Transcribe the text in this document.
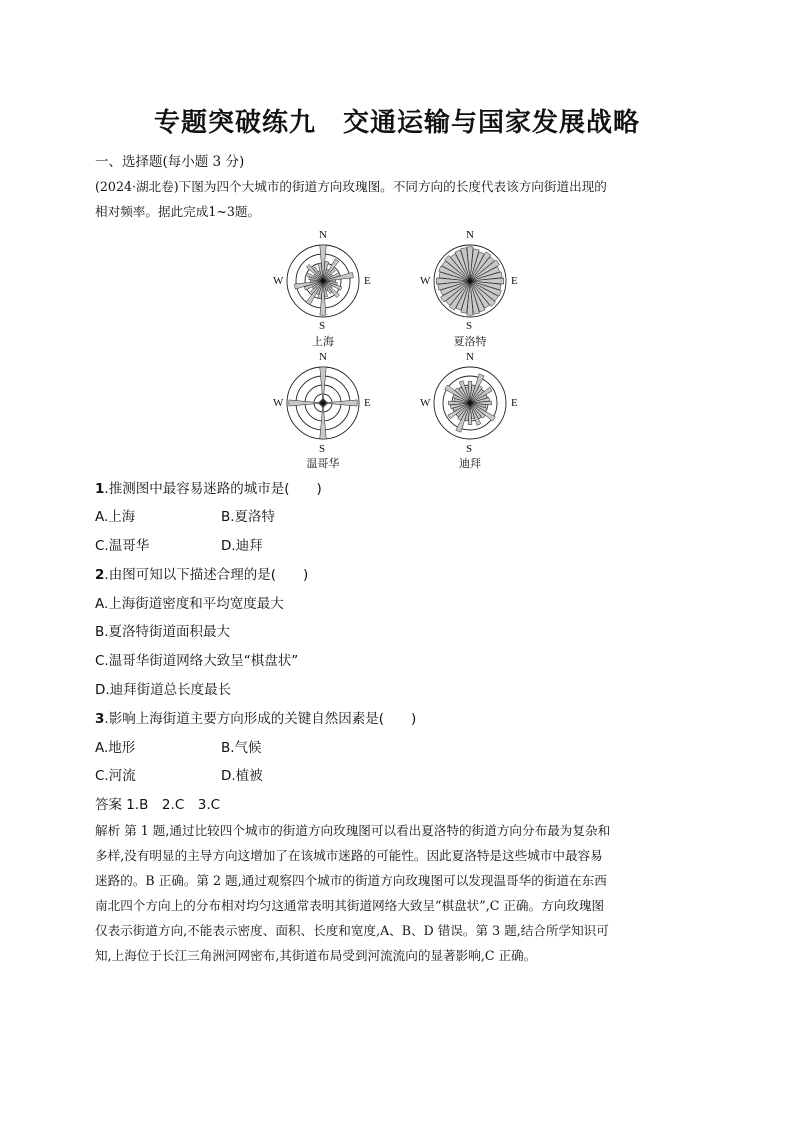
专题突破练九　交通运输与国家发展战略
一、选择题(每小题 3 分)
(2024·湖北卷)下图为四个大城市的街道方向玫瑰图。不同方向的长度代表该方向街道出现的
相对频率。据此完成1~3题。
N
S
W	E
上海
N
S
W	E
夏洛特
N
S
W	E
温哥华
N
S
W	E
迪拜
1.推测图中最容易迷路的城市是(　　)
A.上海	B.夏洛特
C.温哥华	D.迪拜
2.由图可知以下描述合理的是(　　)
A.上海街道密度和平均宽度最大
B.夏洛特街道面积最大
C.温哥华街道网络大致呈“棋盘状”
D.迪拜街道总长度最长
3.影响上海街道主要方向形成的关键自然因素是(　　)
A.地形	B.气候
C.河流	D.植被
答案 1.B　2.C　3.C
解析 第 1 题,通过比较四个城市的街道方向玫瑰图可以看出夏洛特的街道方向分布最为复杂和
多样,没有明显的主导方向这增加了在该城市迷路的可能性。因此夏洛特是这些城市中最容易
迷路的。B 正确。第 2 题,通过观察四个城市的街道方向玫瑰图可以发现温哥华的街道在东西
南北四个方向上的分布相对均匀这通常表明其街道网络大致呈“棋盘状”,C 正确。方向玫瑰图
仅表示街道方向,不能表示密度、面积、长度和宽度,A、B、D 错误。第 3 题,结合所学知识可
知,上海位于长江三角洲河网密布,其街道布局受到河流流向的显著影响,C 正确。
